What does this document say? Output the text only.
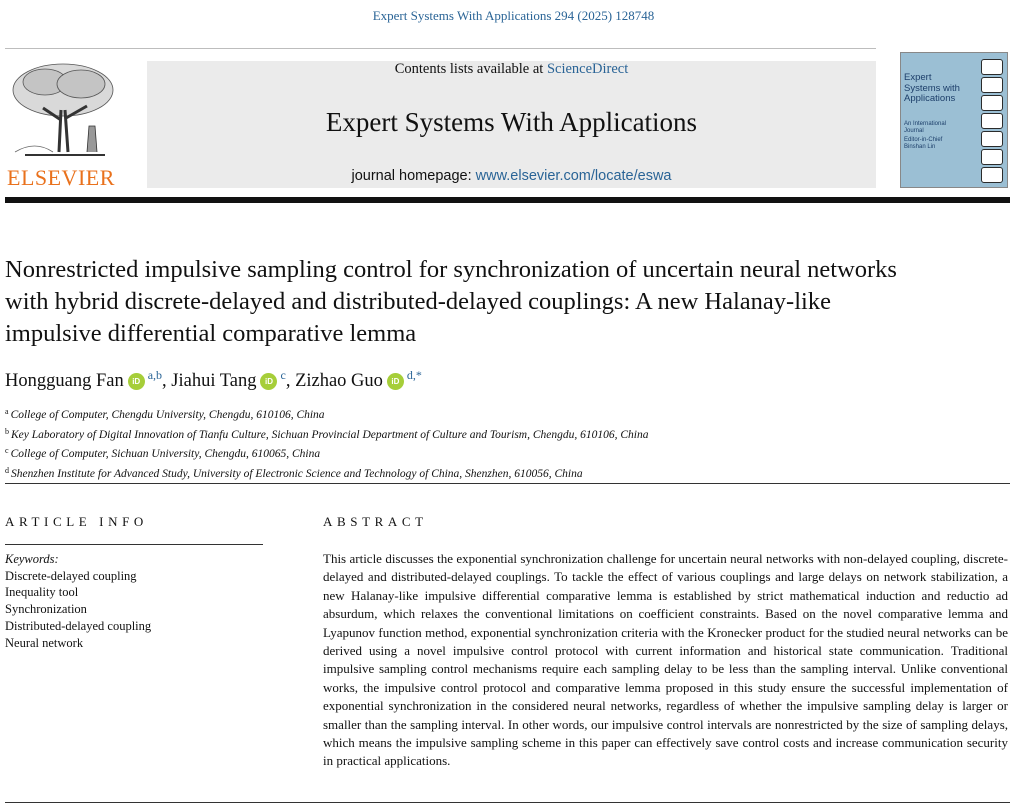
Expert Systems With Applications 294 (2025) 128748
ELSEVIER
Contents lists available at ScienceDirect
Expert Systems With Applications
journal homepage: www.elsevier.com/locate/eswa
Expert Systems with Applications
An International Journal
Editor-in-Chief Binshan Lin
Nonrestricted impulsive sampling control for synchronization of uncertain neural networks with hybrid discrete-delayed and distributed-delayed couplings: A new Halanay-like impulsive differential comparative lemma
Hongguang Fan iD $^{a,b}$, Jiahui Tang iD $^c$, Zizhao Guo iD $^{d,*}$
$^a$ College of Computer, Chengdu University, Chengdu, 610106, China
$^b$ Key Laboratory of Digital Innovation of Tianfu Culture, Sichuan Provincial Department of Culture and Tourism, Chengdu, 610106, China
$^c$ College of Computer, Sichuan University, Chengdu, 610065, China
$^d$ Shenzhen Institute for Advanced Study, University of Electronic Science and Technology of China, Shenzhen, 610056, China
ARTICLE INFO	ABSTRACT
Keywords:
Discrete-delayed coupling
Inequality tool
Synchronization
Distributed-delayed coupling
Neural network
This article discusses the exponential synchronization challenge for uncertain neural networks with non-delayed coupling, discrete-delayed and distributed-delayed couplings. To tackle the effect of various couplings and large delays on network stabilization, a new Halanay-like impulsive differential comparative lemma is established by strict mathematical induction and reductio ad absurdum, which relaxes the conventional limitations on coefficient constraints. Based on the novel comparative lemma and Lyapunov function method, exponential synchronization criteria with the Kronecker product for the studied neural networks can be derived using a novel impulsive control protocol with current information and historical state communication. Traditional impulsive sampling control mechanisms require each sampling delay to be less than the sampling interval. Unlike conventional works, the impulsive control protocol and comparative lemma proposed in this study ensure the successful implementation of exponential synchronization in the considered neural networks, regardless of whether the impulsive sampling delay is larger or smaller than the sampling interval. In other words, our impulsive control intervals are nonrestricted by the size of sampling delays, which means the impulsive sampling scheme in this paper can effectively save control costs and increase communication security in practical applications.
